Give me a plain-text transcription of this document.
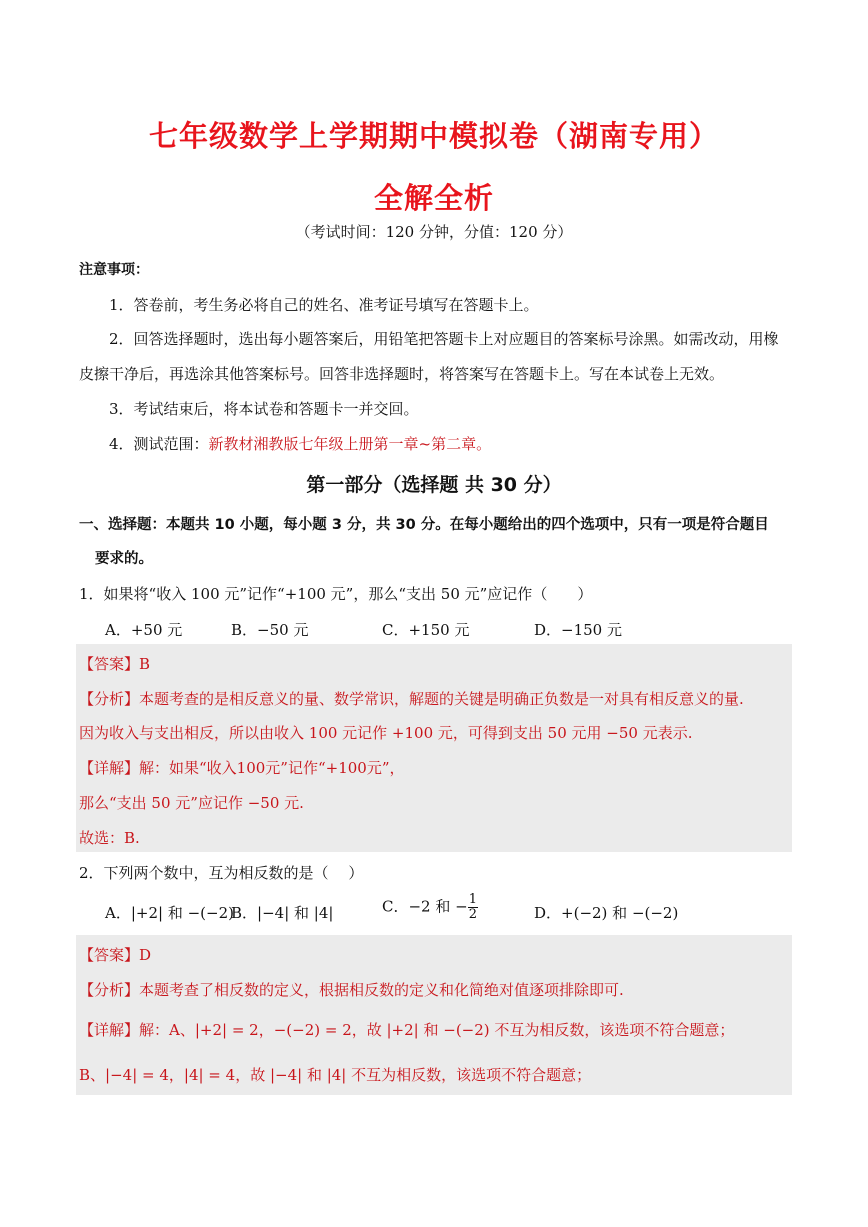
七年级数学上学期期中模拟卷（湖南专用）
全解全析
（考试时间：120 分钟，分值：120 分）
注意事项：
1．答卷前，考生务必将自己的姓名、准考证号填写在答题卡上。
2．回答选择题时，选出每小题答案后，用铅笔把答题卡上对应题目的答案标号涂黑。如需改动，用橡
皮擦干净后，再选涂其他答案标号。回答非选择题时，将答案写在答题卡上。写在本试卷上无效。
3．考试结束后，将本试卷和答题卡一并交回。
4．测试范围：新教材湘教版七年级上册第一章~第二章。
第一部分（选择题 共 30 分）
一、选择题：本题共 10 小题，每小题 3 分，共 30 分。在每小题给出的四个选项中，只有一项是符合题目
要求的。
1．如果将“收入 100 元”记作“+100 元”，那么“支出 50 元”应记作（　　）
A．+50 元	B．−50 元	C．+150 元	D．−150 元
【答案】B
【分析】本题考查的是相反意义的量、数学常识，解题的关键是明确正负数是一对具有相反意义的量.
因为收入与支出相反，所以由收入 100 元记作 +100 元，可得到支出 50 元用 −50 元表示.
【详解】解：如果“收入100元”记作“+100元”，
那么“支出 50 元”应记作 −50 元.
故选：B.
2．下列两个数中，互为相反数的是（　 ）
A．|+2| 和 −(−2)
B．|−4| 和 |4|	C．−2 和 − $\frac{1}{2}$	D．+(−2) 和 −(−2)
【答案】D
【分析】本题考查了相反数的定义，根据相反数的定义和化简绝对值逐项排除即可.
【详解】解：A、|+2| = 2，−(−2) = 2，故 |+2| 和 −(−2) 不互为相反数，该选项不符合题意；
B、|−4| = 4，|4| = 4，故 |−4| 和 |4| 不互为相反数，该选项不符合题意；
